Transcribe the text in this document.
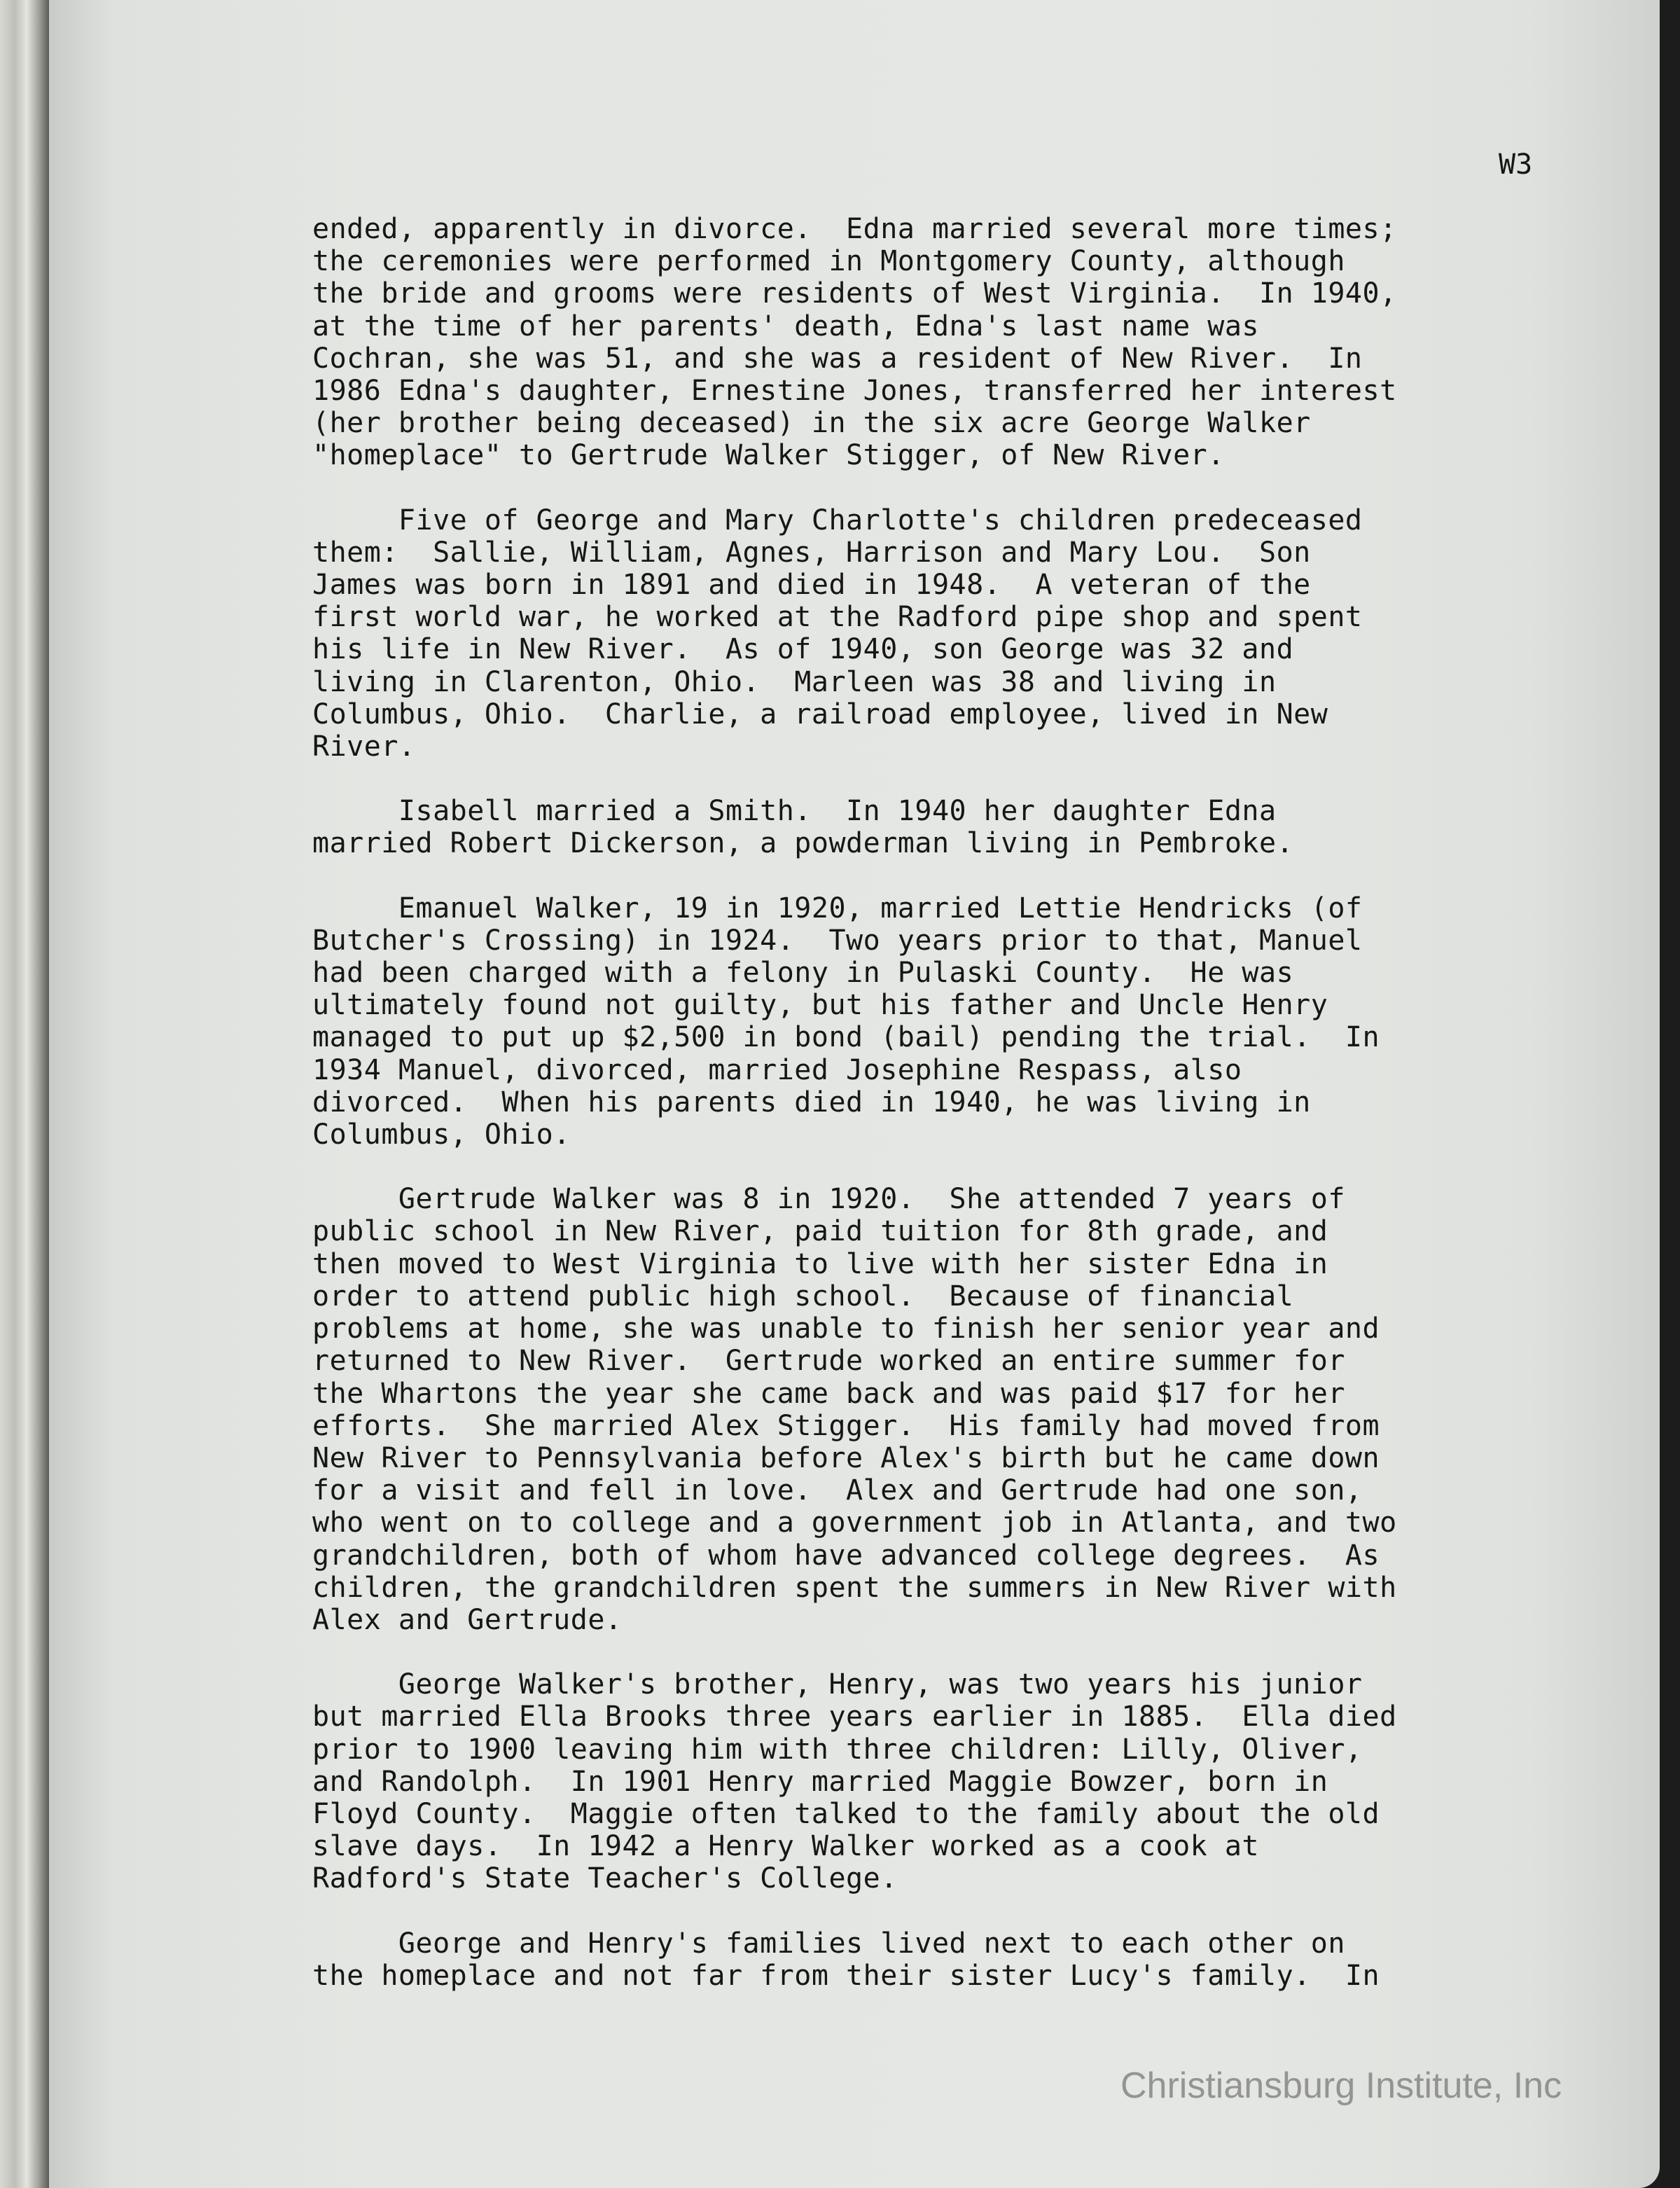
W3
ended, apparently in divorce.  Edna married several more times;
the ceremonies were performed in Montgomery County, although
the bride and grooms were residents of West Virginia.  In 1940,
at the time of her parents' death, Edna's last name was
Cochran, she was 51, and she was a resident of New River.  In
1986 Edna's daughter, Ernestine Jones, transferred her interest
(her brother being deceased) in the six acre George Walker
"homeplace" to Gertrude Walker Stigger, of New River.
Five of George and Mary Charlotte's children predeceased
them:  Sallie, William, Agnes, Harrison and Mary Lou.  Son
James was born in 1891 and died in 1948.  A veteran of the
first world war, he worked at the Radford pipe shop and spent
his life in New River.  As of 1940, son George was 32 and
living in Clarenton, Ohio.  Marleen was 38 and living in
Columbus, Ohio.  Charlie, a railroad employee, lived in New
River.
Isabell married a Smith.  In 1940 her daughter Edna
married Robert Dickerson, a powderman living in Pembroke.
Emanuel Walker, 19 in 1920, married Lettie Hendricks (of
Butcher's Crossing) in 1924.  Two years prior to that, Manuel
had been charged with a felony in Pulaski County.  He was
ultimately found not guilty, but his father and Uncle Henry
managed to put up $2,500 in bond (bail) pending the trial.  In
1934 Manuel, divorced, married Josephine Respass, also
divorced.  When his parents died in 1940, he was living in
Columbus, Ohio.
Gertrude Walker was 8 in 1920.  She attended 7 years of
public school in New River, paid tuition for 8th grade, and
then moved to West Virginia to live with her sister Edna in
order to attend public high school.  Because of financial
problems at home, she was unable to finish her senior year and
returned to New River.  Gertrude worked an entire summer for
the Whartons the year she came back and was paid $17 for her
efforts.  She married Alex Stigger.  His family had moved from
New River to Pennsylvania before Alex's birth but he came down
for a visit and fell in love.  Alex and Gertrude had one son,
who went on to college and a government job in Atlanta, and two
grandchildren, both of whom have advanced college degrees.  As
children, the grandchildren spent the summers in New River with
Alex and Gertrude.
George Walker's brother, Henry, was two years his junior
but married Ella Brooks three years earlier in 1885.  Ella died
prior to 1900 leaving him with three children: Lilly, Oliver,
and Randolph.  In 1901 Henry married Maggie Bowzer, born in
Floyd County.  Maggie often talked to the family about the old
slave days.  In 1942 a Henry Walker worked as a cook at
Radford's State Teacher's College.
George and Henry's families lived next to each other on
the homeplace and not far from their sister Lucy's family.  In
Christiansburg Institute, Inc
